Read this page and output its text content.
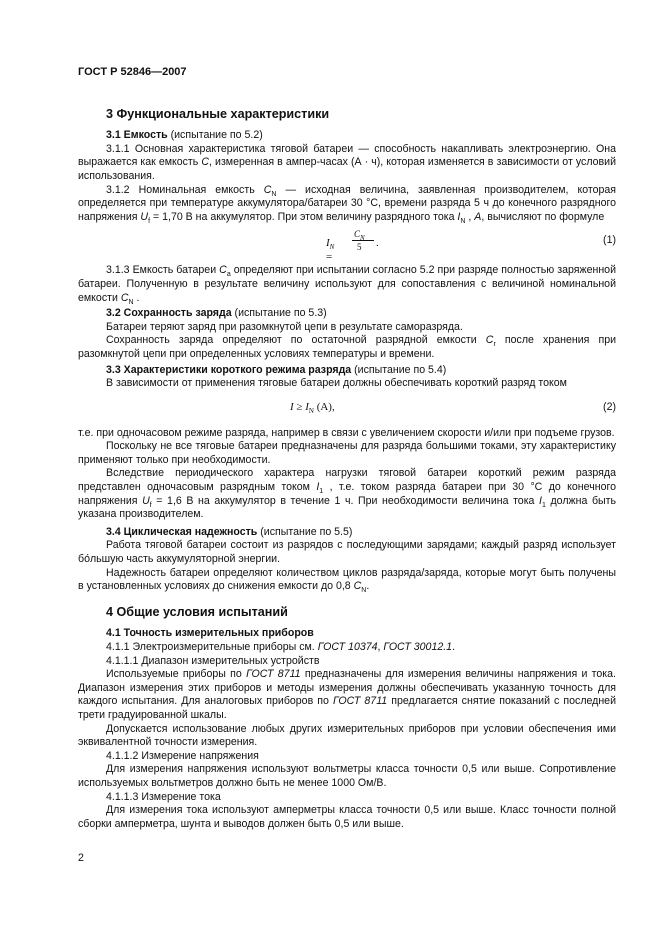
ГОСТ Р 52846—2007
3 Функциональные характеристики
3.1 Емкость (испытание по 5.2)

3.1.1 Основная характеристика тяговой батареи — способность накапливать электроэнергию. Она выражается как емкость C, измеренная в ампер-часах (А · ч), которая изменяется в зависимости от условий использования.

3.1.2 Номинальная емкость $C_N$ — исходная величина, заявленная производителем, которая определяется при температуре аккумулятора/батареи 30 °С, времени разряда 5 ч до конечного разрядного напряжения $U_f = 1,70$ В на аккумулятор. При этом величину разрядного тока $I_N$ , A, вычисляют по формуле

$I_N$ =
$C_N$
5 .	(1)

3.1.3 Емкость батареи $C_a$ определяют при испытании согласно 5.2 при разряде полностью заряженной батареи. Полученную в результате величину используют для сопоставления с величиной номинальной емкости $C_N$ .

3.2 Сохранность заряда (испытание по 5.3)

Батареи теряют заряд при разомкнутой цепи в результате саморазряда.

Сохранность заряда определяют по остаточной разрядной емкости $C_r$ после хранения при разомкнутой цепи при определенных условиях температуры и времени.

3.3 Характеристики короткого режима разряда (испытание по 5.4)

В зависимости от применения тяговые батареи должны обеспечивать короткий разряд током

$I \ge I_N$ (А),	(2)

т.е. при одночасовом режиме разряда, например в связи с увеличением скорости и/или при подъеме грузов.

Поскольку не все тяговые батареи предназначены для разряда большими токами, эту характеристику применяют только при необходимости.

Вследствие периодического характера нагрузки тяговой батареи короткий режим разряда представлен одночасовым разрядным током $I_1$ , т.е. током разряда батареи при 30 °С до конечного напряжения $U_f = 1,6$ В на аккумулятор в течение 1 ч. При необходимости величина тока $I_1$ должна быть указана производителем.

3.4 Циклическая надежность (испытание по 5.5)

Работа тяговой батареи состоит из разрядов с последующими зарядами; каждый разряд использует бо́льшую часть аккумуляторной энергии.

Надежность батареи определяют количеством циклов разряда/заряда, которые могут быть получены в установленных условиях до снижения емкости до 0,8 $C_N$.

4 Общие условия испытаний
4.1 Точность измерительных приборов

4.1.1 Электроизмерительные приборы см. ГОСТ 10374, ГОСТ 30012.1.

4.1.1.1 Диапазон измерительных устройств

Используемые приборы по ГОСТ 8711 предназначены для измерения величины напряжения и тока. Диапазон измерения этих приборов и методы измерения должны обеспечивать указанную точность для каждого испытания. Для аналоговых приборов по ГОСТ 8711 предлагается снятие показаний с последней трети градуированной шкалы.

Допускается использование любых других измерительных приборов при условии обеспечения ими эквивалентной точности измерения.

4.1.1.2 Измерение напряжения

Для измерения напряжения используют вольтметры класса точности 0,5 или выше. Сопротивление используемых вольтметров должно быть не менее 1000 Ом/В.

4.1.1.3 Измерение тока

Для измерения тока используют амперметры класса точности 0,5 или выше. Класс точности полной сборки амперметра, шунта и выводов должен быть 0,5 или выше.

2
